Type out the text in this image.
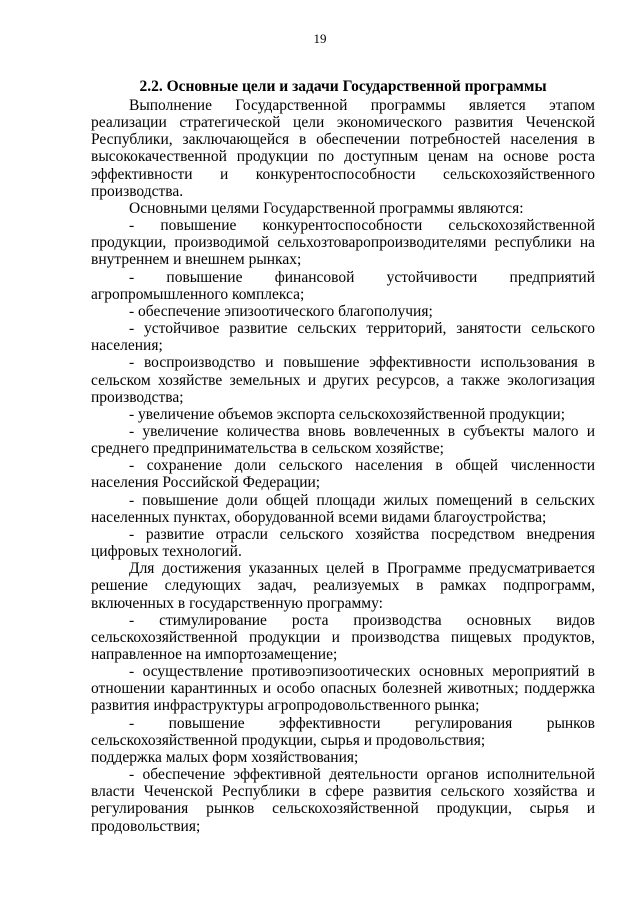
19
2.2. Основные цели и задачи Государственной программы

Выполнение Государственной программы является этапом реализации стратегической цели экономического развития Чеченской Республики, заключающейся в обеспечении потребностей населения в высококачественной продукции по доступным ценам на основе роста эффективности и конкурентоспособности сельскохозяйственного производства.

Основными целями Государственной программы являются:

- повышение конкурентоспособности сельскохозяйственной продукции, производимой сельхозтоваропроизводителями республики на внутреннем и внешнем рынках;

- повышение финансовой устойчивости предприятий агропромышленного комплекса;

- обеспечение эпизоотического благополучия;

- устойчивое развитие сельских территорий, занятости сельского населения;

- воспроизводство и повышение эффективности использования в сельском хозяйстве земельных и других ресурсов, а также экологизация производства;

- увеличение объемов экспорта сельскохозяйственной продукции;

- увеличение количества вновь вовлеченных в субъекты малого и среднего предпринимательства в сельском хозяйстве;

- сохранение доли сельского населения в общей численности населения Российской Федерации;

- повышение доли общей площади жилых помещений в сельских населенных пунктах, оборудованной всеми видами благоустройства;

- развитие отрасли сельского хозяйства посредством внедрения цифровых технологий.

Для достижения указанных целей в Программе предусматривается решение следующих задач, реализуемых в рамках подпрограмм, включенных в государственную программу:

- стимулирование роста производства основных видов сельскохозяйственной продукции и производства пищевых продуктов, направленное на импортозамещение;

- осуществление противоэпизоотических основных мероприятий в отношении карантинных и особо опасных болезней животных; поддержка развития инфраструктуры агропродовольственного рынка;

- повышение эффективности регулирования рынков сельскохозяйственной продукции, сырья и продовольствия;

поддержка малых форм хозяйствования;

- обеспечение эффективной деятельности органов исполнительной власти Чеченской Республики в сфере развития сельского хозяйства и регулирования рынков сельскохозяйственной продукции, сырья и продовольствия;
